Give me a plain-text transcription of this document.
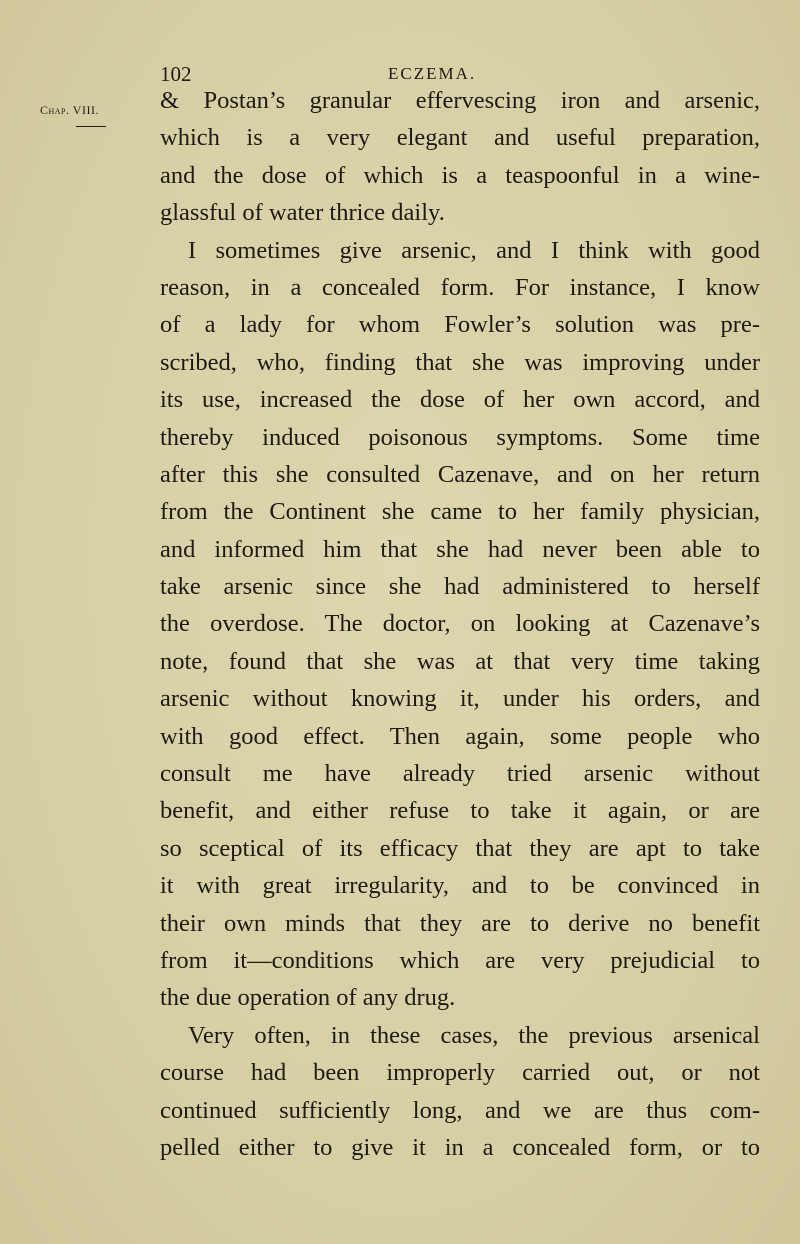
102	ECZEMA.
Chap. VIII. & Postan’s granular effervescing iron and arsenic,
which is a very elegant and useful preparation,
and the dose of which is a teaspoonful in a wine-
glassful of water thrice daily.
I sometimes give arsenic, and I think with good
reason, in a concealed form. For instance, I know
of a lady for whom Fowler’s solution was pre-
scribed, who, finding that she was improving under
its use, increased the dose of her own accord, and
thereby induced poisonous symptoms. Some time
after this she consulted Cazenave, and on her return
from the Continent she came to her family physician,
and informed him that she had never been able to
take arsenic since she had administered to herself
the overdose. The doctor, on looking at Cazenave’s
note, found that she was at that very time taking
arsenic without knowing it, under his orders, and
with good effect. Then again, some people who
consult me have already tried arsenic without
benefit, and either refuse to take it again, or are
so sceptical of its efficacy that they are apt to take
it with great irregularity, and to be convinced in
their own minds that they are to derive no benefit
from it—conditions which are very prejudicial to
the due operation of any drug.
Very often, in these cases, the previous arsenical
course had been improperly carried out, or not
continued sufficiently long, and we are thus com-
pelled either to give it in a concealed form, or to
